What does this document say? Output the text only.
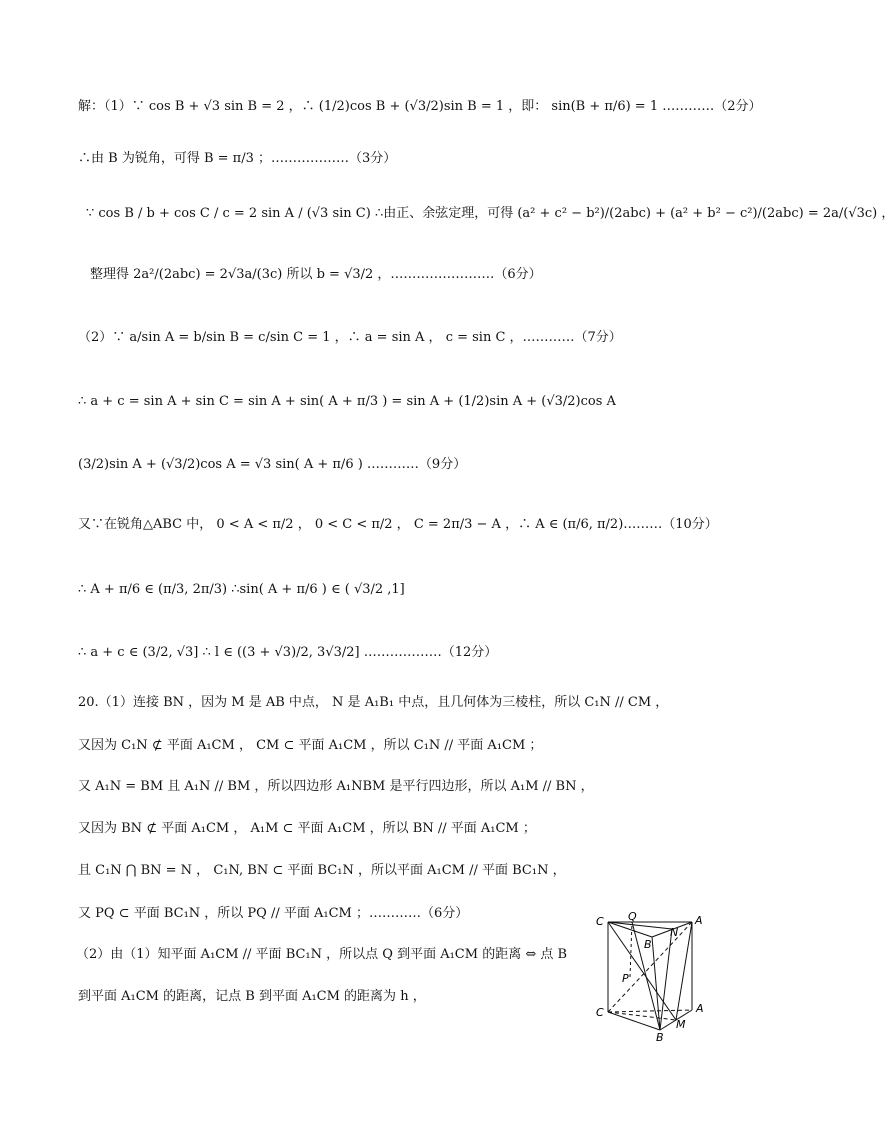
解：（1）∵ cos B + √3 sin B = 2 ，∴ (1/2)cos B + (√3/2)sin B = 1 ，即： sin(B + π/6) = 1 …………（2分）
∴由 B 为锐角，可得 B = π/3 ；………………（3分）
∵ cos B / b + cos C / c = 2 sin A / (√3 sin C) ∴由正、余弦定理，可得 (a² + c² − b²)/(2abc) + (a² + b² − c²)/(2abc) = 2a/(√3c) ，
整理得 2a²/(2abc) = 2√3a/(3c) 所以 b = √3/2 ，……………………（6分）
（2）∵ a/sin A = b/sin B = c/sin C = 1 ，∴ a = sin A ， c = sin C ，…………（7分）
∴ a + c = sin A + sin C = sin A + sin( A + π/3 ) = sin A + (1/2)sin A + (√3/2)cos A
(3/2)sin A + (√3/2)cos A = √3 sin( A + π/6 ) …………（9分）
又∵在锐角△ABC 中， 0 < A < π/2 ， 0 < C < π/2 ， C = 2π/3 − A ，∴ A ∈ (π/6, π/2)………（10分）
∴ A + π/6 ∈ (π/3, 2π/3) ∴sin( A + π/6 ) ∈ ( √3/2 ,1]
∴ a + c ∈ (3/2, √3] ∴ l ∈ ((3 + √3)/2, 3√3/2] ………………（12分）
20.（1）连接 BN ，因为 M 是 AB 中点， N 是 A₁B₁ 中点，且几何体为三棱柱，所以 C₁N // CM ，
又因为 C₁N ⊄ 平面 A₁CM ， CM ⊂ 平面 A₁CM ，所以 C₁N // 平面 A₁CM ；
又 A₁N = BM 且 A₁N // BM ，所以四边形 A₁NBM 是平行四边形，所以 A₁M // BN ，
又因为 BN ⊄ 平面 A₁CM ， A₁M ⊂ 平面 A₁CM ，所以 BN // 平面 A₁CM ；
且 C₁N ⋂ BN = N ， C₁N, BN ⊂ 平面 BC₁N ，所以平面 A₁CM // 平面 BC₁N ，
又 PQ ⊂ 平面 BC₁N ，所以 PQ // 平面 A₁CM ；…………（6分）
（2）由（1）知平面 A₁CM // 平面 BC₁N ，所以点 Q 到平面 A₁CM 的距离 ⇔ 点 B
到平面 A₁CM 的距离，记点 B 到平面 A₁CM 的距离为 h ，
C Q	A
B
N
P
C	A
M
B
